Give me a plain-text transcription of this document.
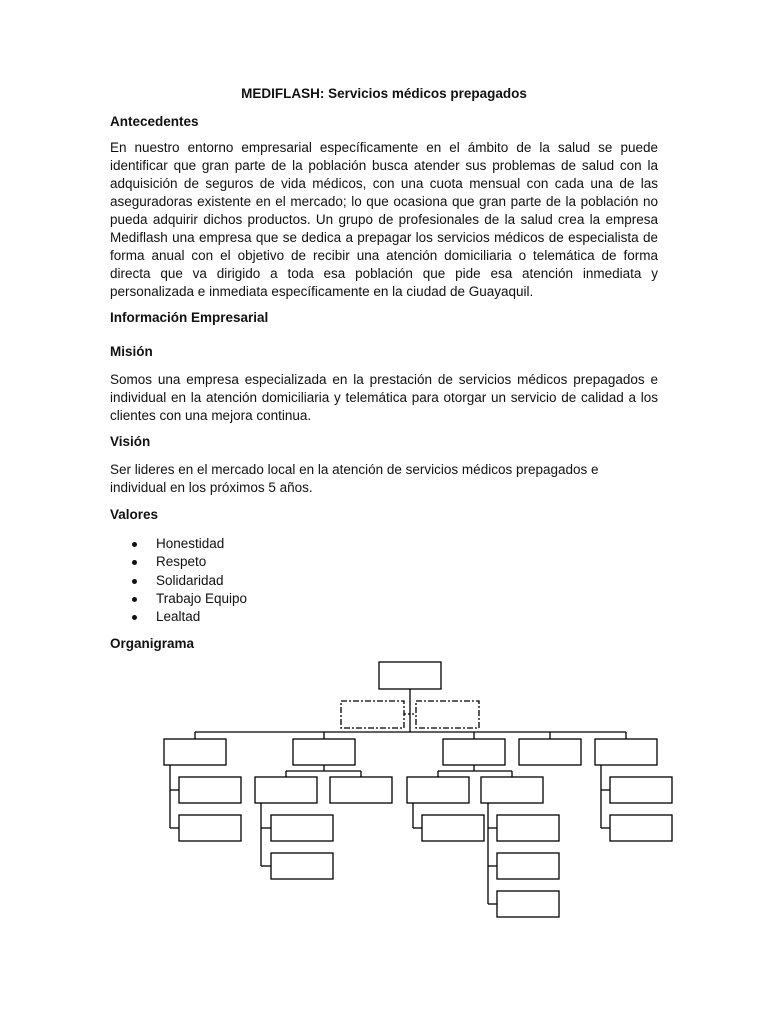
MEDIFLASH: Servicios médicos prepagados
Antecedentes

En nuestro entorno empresarial específicamente en el ámbito de la salud se puede identificar que gran parte de la población busca atender sus problemas de salud con la adquisición de seguros de vida médicos, con una cuota mensual con cada una de las aseguradoras existente en el mercado; lo que ocasiona que gran parte de la población no pueda adquirir dichos productos. Un grupo de profesionales de la salud crea la empresa Mediflash una empresa que se dedica a prepagar los servicios médicos de especialista de forma anual con el objetivo de recibir una atención domiciliaria o telemática de forma directa que va dirigido a toda esa población que pide esa atención inmediata y personalizada e inmediata específicamente en la ciudad de Guayaquil.

Información Empresarial
Misión

Somos una empresa especializada en la prestación de servicios médicos prepagados e individual en la atención domiciliaria y telemática para otorgar un servicio de calidad a los clientes con una mejora continua.

Visión

Ser lideres en el mercado local en la atención de servicios médicos prepagados e individual en los próximos 5 años.

Valores
Honestidad
Respeto
Solidaridad
Trabajo Equipo
Lealtad
Organigrama
